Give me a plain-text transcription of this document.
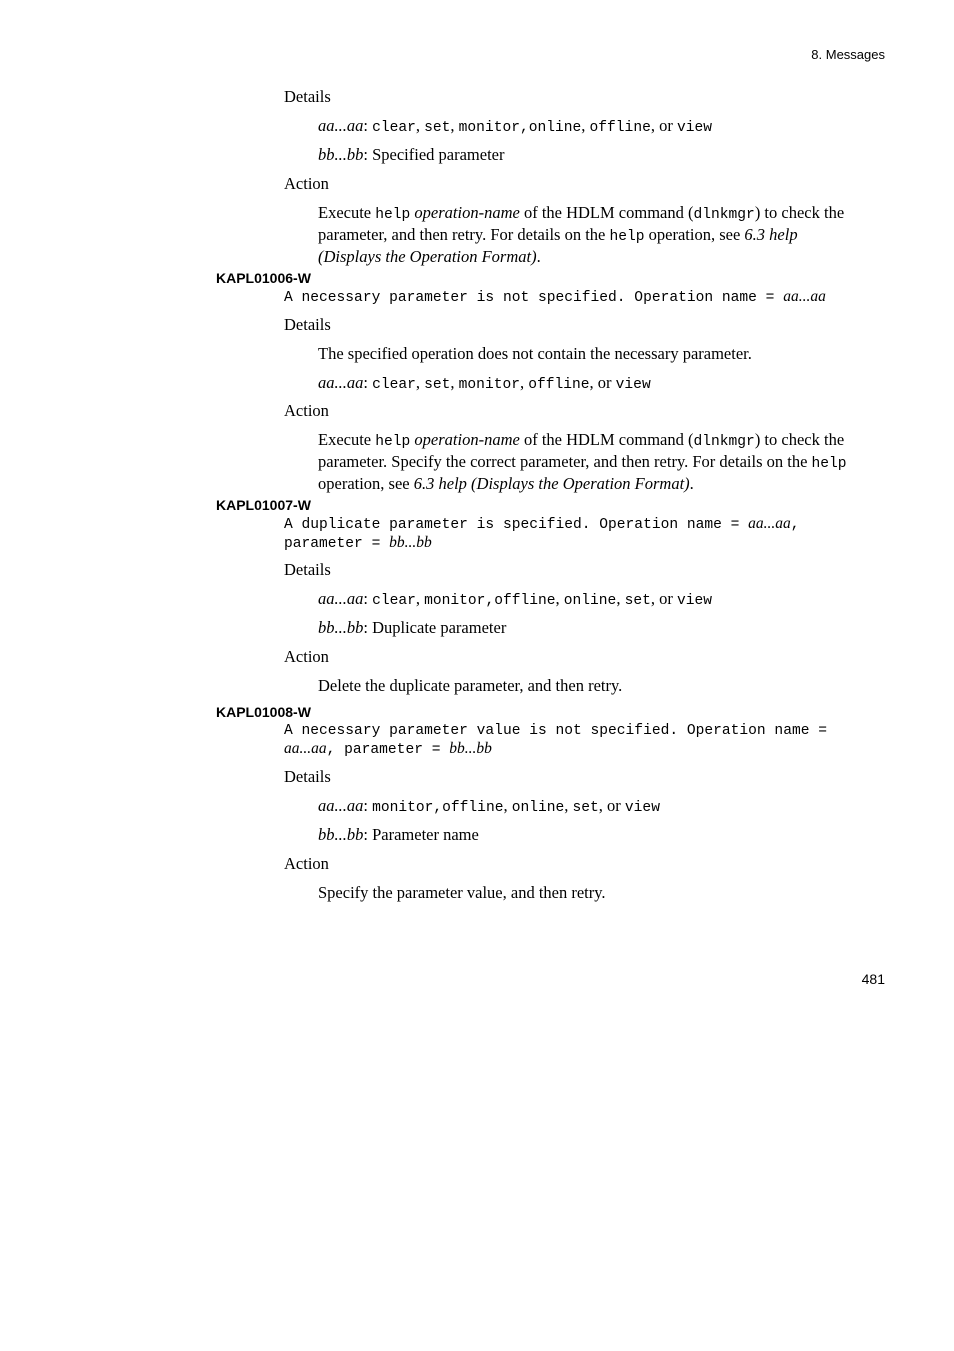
8. Messages
Details
aa...aa: clear, set, monitor,online, offline, or view
bb...bb: Specified parameter
Action
Execute help operation-name of the HDLM command (dlnkmgr) to check the
parameter, and then retry. For details on the help operation, see 6.3 help
(Displays the Operation Format).
KAPL01006-W
A necessary parameter is not specified. Operation name = aa...aa
Details
The specified operation does not contain the necessary parameter.
aa...aa: clear, set, monitor, offline, or view
Action
Execute help operation-name of the HDLM command (dlnkmgr) to check the
parameter. Specify the correct parameter, and then retry. For details on the help
operation, see 6.3 help (Displays the Operation Format).
KAPL01007-W
A duplicate parameter is specified. Operation name = aa...aa,
parameter = bb...bb
Details
aa...aa: clear, monitor,offline, online, set, or view
bb...bb: Duplicate parameter
Action
Delete the duplicate parameter, and then retry.
KAPL01008-W
A necessary parameter value is not specified. Operation name =
aa...aa, parameter = bb...bb
Details
aa...aa: monitor,offline, online, set, or view
bb...bb: Parameter name
Action
Specify the parameter value, and then retry.
481
